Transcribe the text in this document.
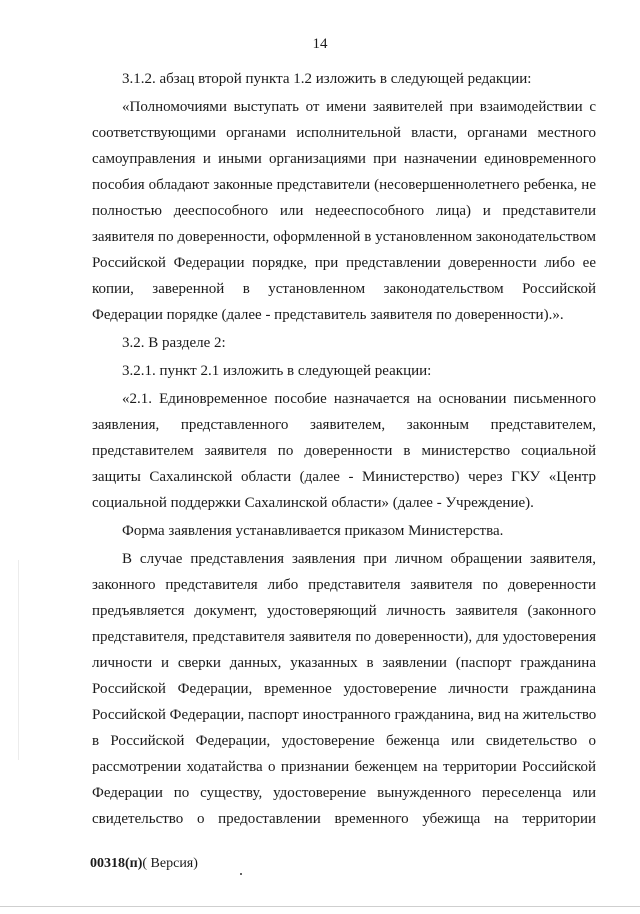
14
3.1.2. абзац второй пункта 1.2 изложить в следующей редакции:
«Полномочиями выступать от имени заявителей при взаимодействии с
соответствующими органами исполнительной власти, органами местного
самоуправления и иными организациями при назначении единовременного
пособия обладают законные представители (несовершеннолетнего ребенка, не
полностью дееспособного или недееспособного лица) и представители
заявителя по доверенности, оформленной в установленном законодательством
Российской Федерации порядке, при представлении доверенности либо ее
копии, заверенной в установленном законодательством Российской
Федерации порядке (далее - представитель заявителя по доверенности).».
3.2. В разделе 2:
3.2.1. пункт 2.1 изложить в следующей реакции:
«2.1. Единовременное пособие назначается на основании письменного
заявления, представленного заявителем, законным представителем,
представителем заявителя по доверенности в министерство социальной
защиты Сахалинской области (далее - Министерство) через ГКУ «Центр
социальной поддержки Сахалинской области» (далее - Учреждение).
Форма заявления устанавливается приказом Министерства.
В случае представления заявления при личном обращении заявителя,
законного представителя либо представителя заявителя по доверенности
предъявляется документ, удостоверяющий личность заявителя (законного
представителя, представителя заявителя по доверенности), для удостоверения
личности и сверки данных, указанных в заявлении (паспорт гражданина
Российской Федерации, временное удостоверение личности гражданина
Российской Федерации, паспорт иностранного гражданина, вид на жительство
в Российской Федерации, удостоверение беженца или свидетельство о
рассмотрении ходатайства о признании беженцем на территории Российской
Федерации по существу, удостоверение вынужденного переселенца или
свидетельство о предоставлении временного убежища на территории
00318(п)( Версия)
